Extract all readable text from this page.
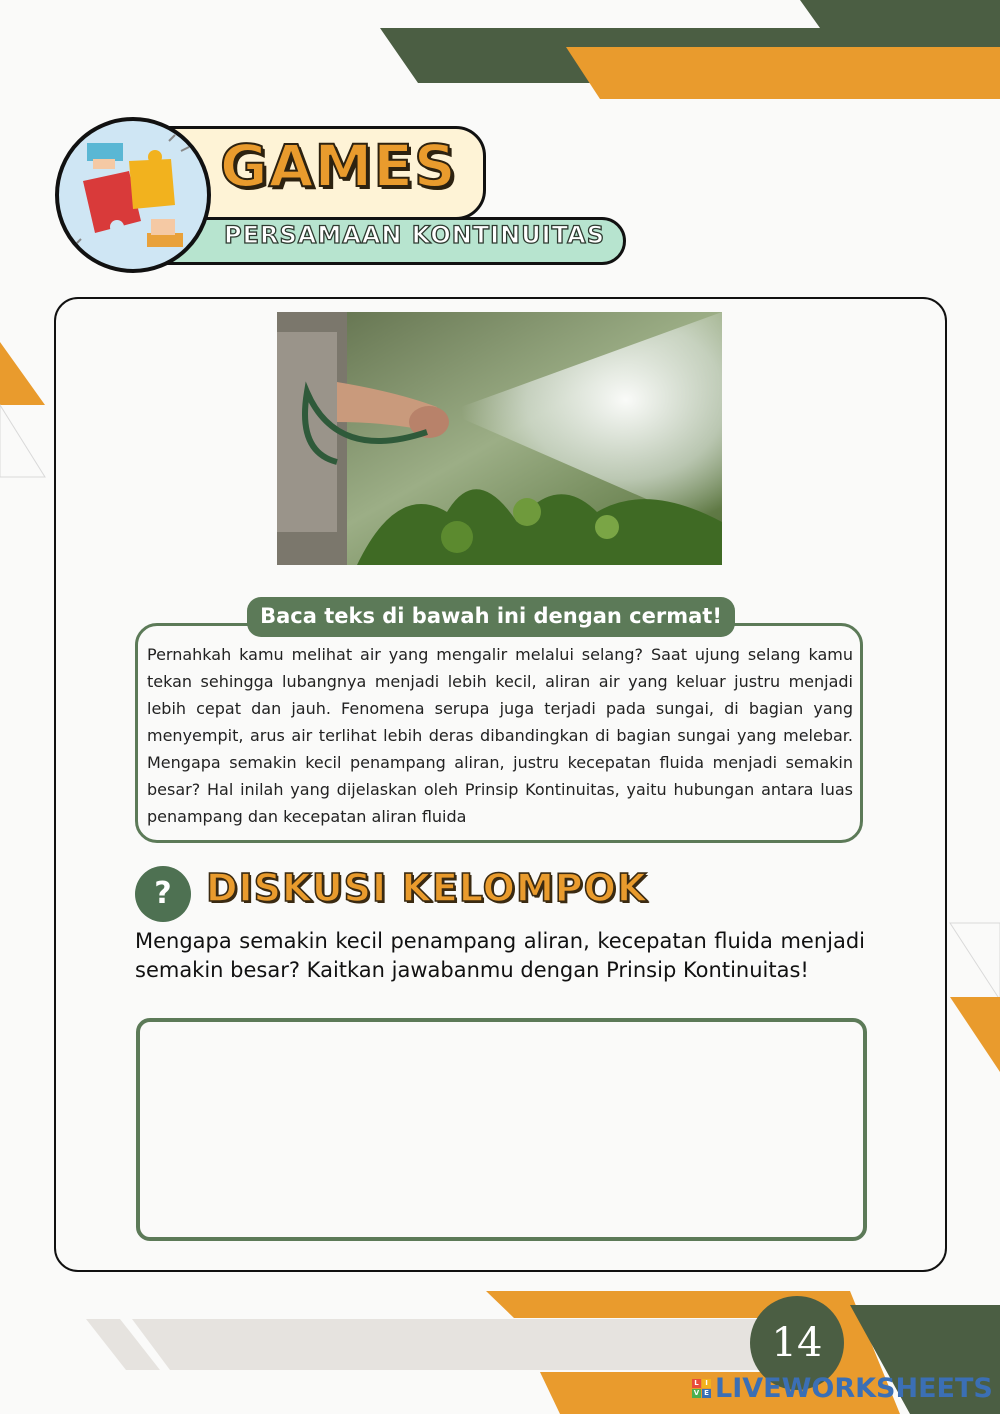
GAMES
PERSAMAAN KONTINUITAS
Baca teks di bawah ini dengan cermat!
Pernahkah kamu melihat air yang mengalir melalui selang? Saat ujung selang kamu tekan sehingga lubangnya menjadi lebih kecil, aliran air yang keluar justru menjadi lebih cepat dan jauh. Fenomena serupa juga terjadi pada sungai, di bagian yang menyempit, arus air terlihat lebih deras dibandingkan di bagian sungai yang melebar. Mengapa semakin kecil penampang aliran, justru kecepatan fluida menjadi semakin besar? Hal inilah yang dijelaskan oleh Prinsip Kontinuitas, yaitu hubungan antara luas penampang dan kecepatan aliran fluida
? DISKUSI KELOMPOK
Mengapa semakin kecil penampang aliran, kecepatan fluida menjadi semakin besar? Kaitkan jawabanmu dengan Prinsip Kontinuitas!
14
L I
V E LIVEWORKSHEETS
